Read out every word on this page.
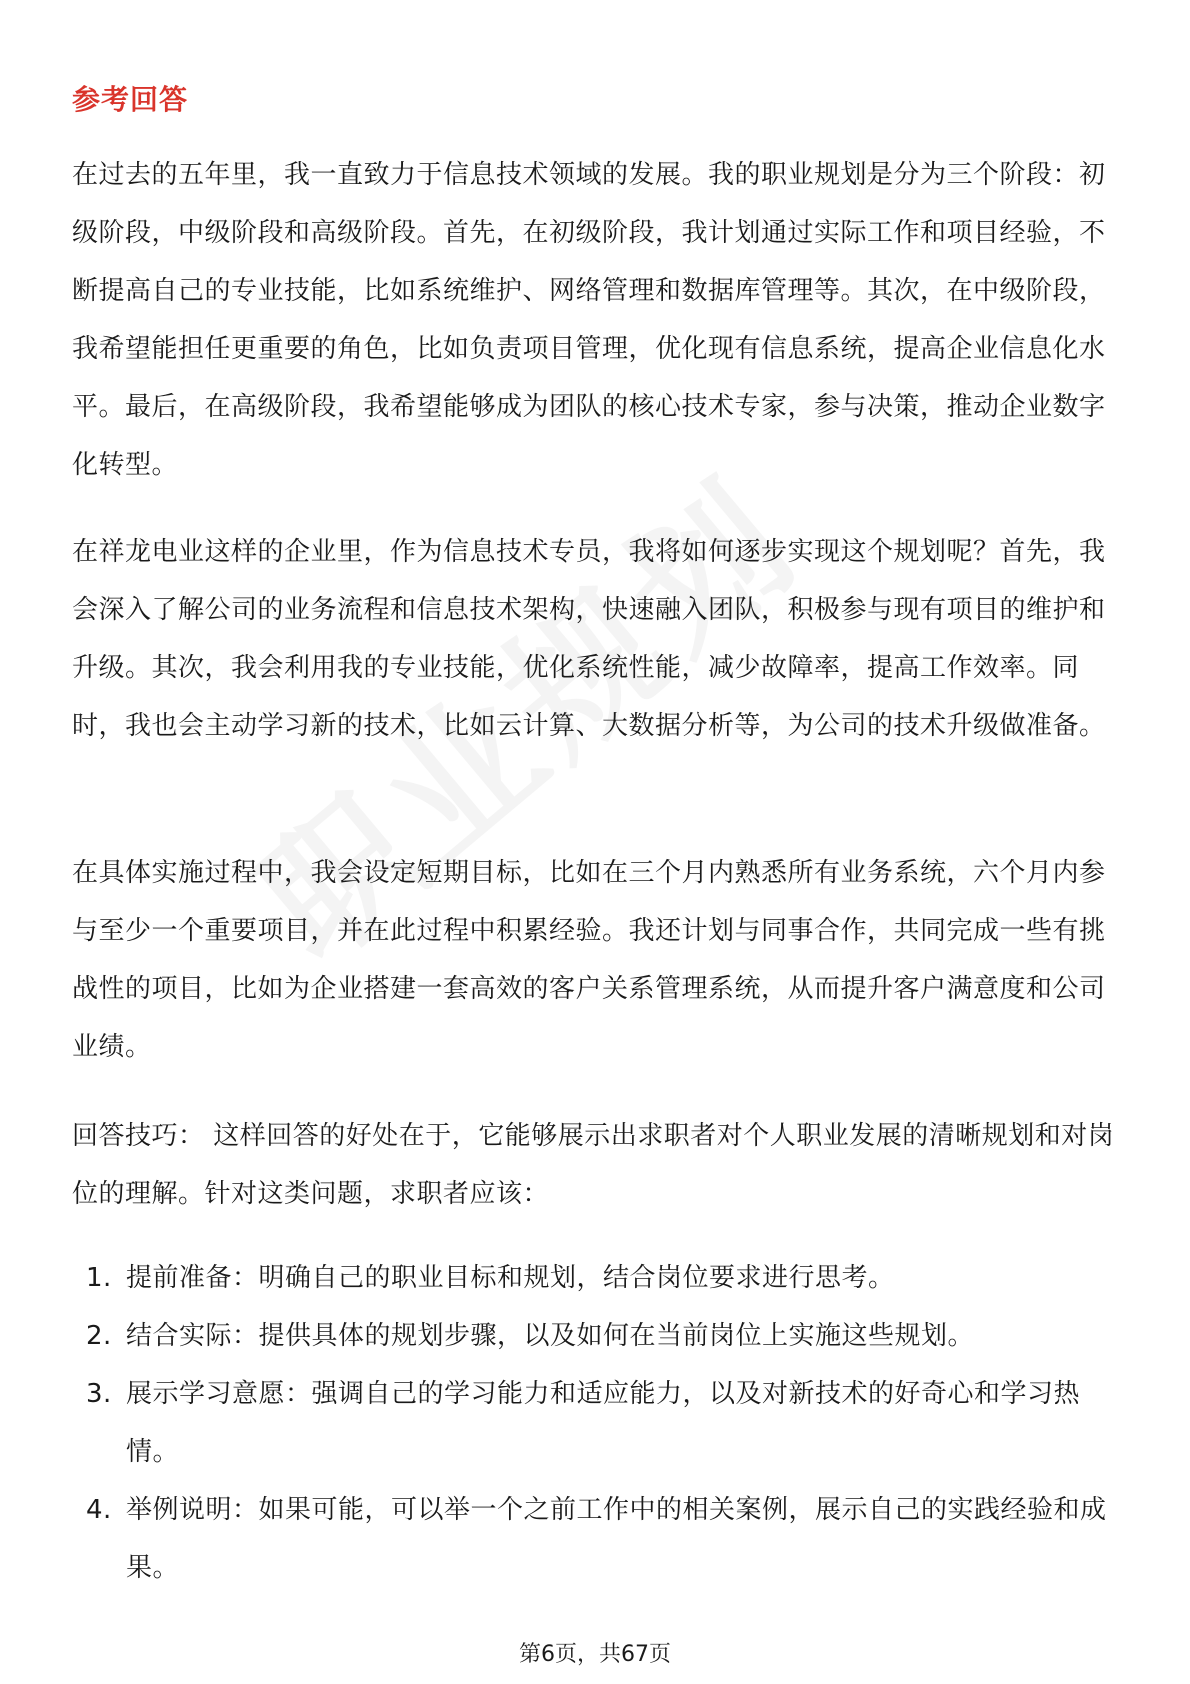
参考回答

在过去的五年里，我一直致力于信息技术领域的发展。我的职业规划是分为三个阶段：初级阶段，中级阶段和高级阶段。首先，在初级阶段，我计划通过实际工作和项目经验，不断提高自己的专业技能，比如系统维护、网络管理和数据库管理等。其次，在中级阶段，我希望能担任更重要的角色，比如负责项目管理，优化现有信息系统，提高企业信息化水平。最后，在高级阶段，我希望能够成为团队的核心技术专家，参与决策，推动企业数字化转型。

在祥龙电业这样的企业里，作为信息技术专员，我将如何逐步实现这个规划呢？首先，我会深入了解公司的业务流程和信息技术架构，快速融入团队，积极参与现有项目的维护和升级。其次，我会利用我的专业技能，优化系统性能，减少故障率，提高工作效率。同时，我也会主动学习新的技术，比如云计算、大数据分析等，为公司的技术升级做准备。

在具体实施过程中，我会设定短期目标，比如在三个月内熟悉所有业务系统，六个月内参与至少一个重要项目，并在此过程中积累经验。我还计划与同事合作，共同完成一些有挑战性的项目，比如为企业搭建一套高效的客户关系管理系统，从而提升客户满意度和公司业绩。

回答技巧： 这样回答的好处在于，它能够展示出求职者对个人职业发展的清晰规划和对岗位的理解。针对这类问题，求职者应该：

1. 提前准备：明确自己的职业目标和规划，结合岗位要求进行思考。
2. 结合实际：提供具体的规划步骤，以及如何在当前岗位上实施这些规划。
3. 展示学习意愿：强调自己的学习能力和适应能力，以及对新技术的好奇心和学习热情。
4. 举例说明：如果可能，可以举一个之前工作中的相关案例，展示自己的实践经验和成果。
第6页，共67页
